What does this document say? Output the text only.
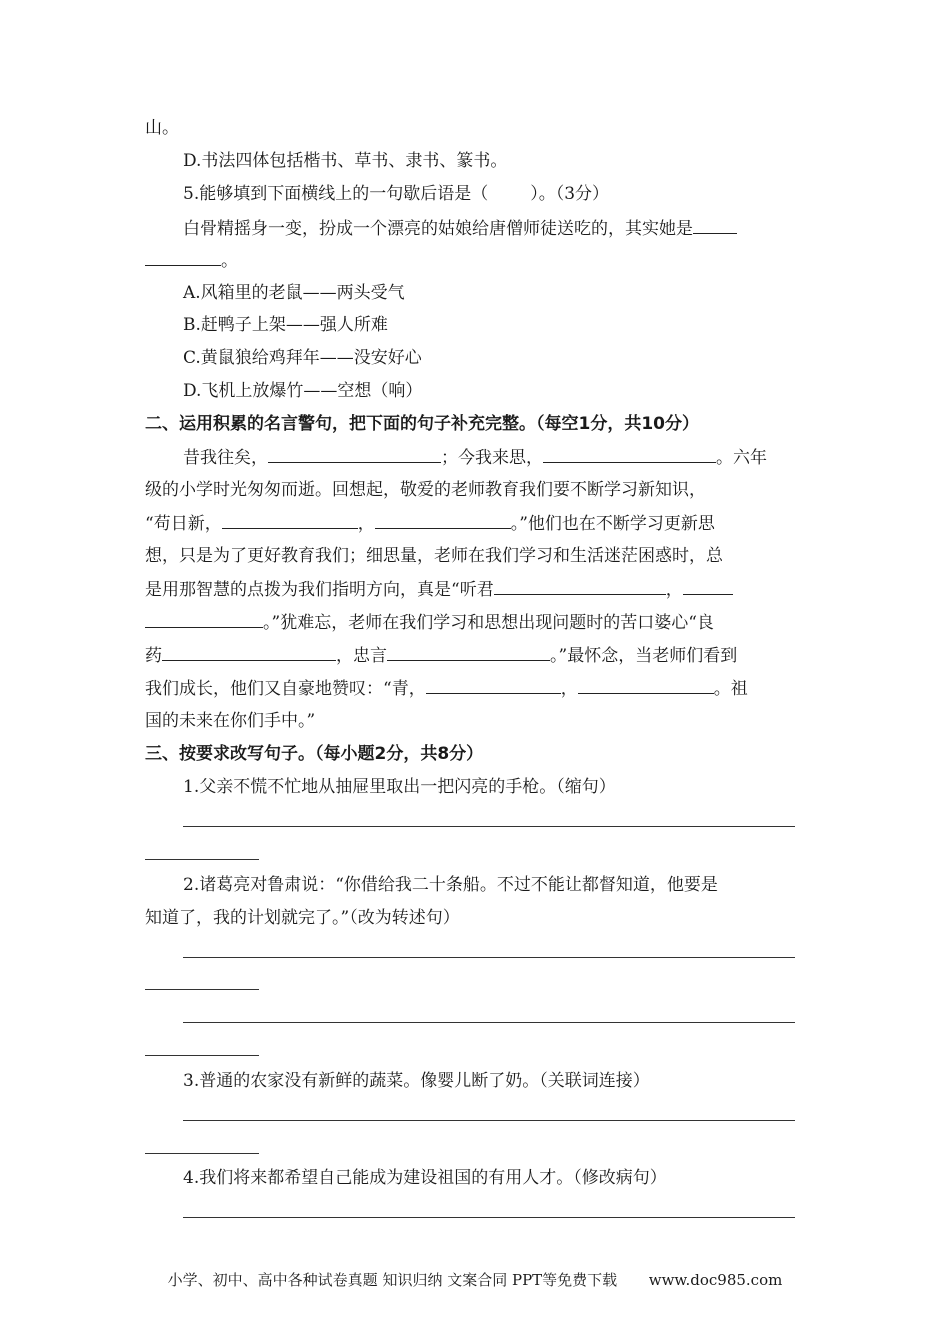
山。
D.书法四体包括楷书、草书、隶书、篆书。
5.能够填到下面横线上的一句歇后语是（ ）。（3分）
白骨精摇身一变，扮成一个漂亮的姑娘给唐僧师徒送吃的，其实她是
。
A.风箱里的老鼠——两头受气
B.赶鸭子上架——强人所难
C.黄鼠狼给鸡拜年——没安好心
D.飞机上放爆竹——空想（响）
二、运用积累的名言警句，把下面的句子补充完整。（每空1分，共10分）
昔我往矣，	；今我来思，	。六年
级的小学时光匆匆而逝。回想起，敬爱的老师教育我们要不断学习新知识，
“苟日新，	，	。”他们也在不断学习更新思
想，只是为了更好教育我们；细思量，老师在我们学习和生活迷茫困惑时，总
是用那智慧的点拨为我们指明方向，真是“听君	，
。”犹难忘，老师在我们学习和思想出现问题时的苦口婆心“良
药	，忠言	。”最怀念，当老师们看到
我们成长，他们又自豪地赞叹：“青，	，	。祖
国的未来在你们手中。”
三、按要求改写句子。（每小题2分，共8分）
1.父亲不慌不忙地从抽屉里取出一把闪亮的手枪。（缩句）
2.诸葛亮对鲁肃说：“你借给我二十条船。不过不能让都督知道，他要是
知道了，我的计划就完了。”（改为转述句）
3.普通的农家没有新鲜的蔬菜。像婴儿断了奶。（关联词连接）
4.我们将来都希望自己能成为建设祖国的有用人才。（修改病句）
小学、初中、高中各种试卷真题 知识归纳 文案合同 PPT等免费下载 www.doc985.com
